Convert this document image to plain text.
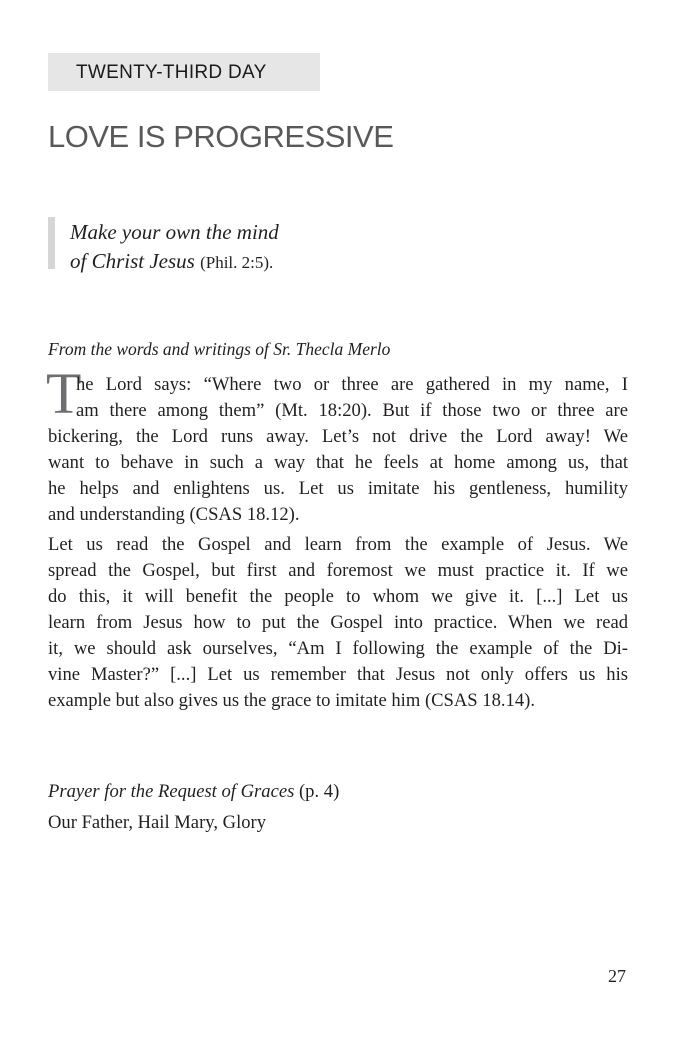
TWENTY-THIRD DAY
LOVE IS PROGRESSIVE
Make your own the mind
of Christ Jesus (Phil. 2:5).
From the words and writings of Sr. Thecla Merlo
T
he Lord says: “Where two or three are gathered in my name, I
am there among them” (Mt. 18:20). But if those two or three are
bickering, the Lord runs away. Let’s not drive the Lord away! We
want to behave in such a way that he feels at home among us, that
he helps and enlightens us. Let us imitate his gentleness, humility
and understanding (CSAS 18.12).
Let us read the Gospel and learn from the example of Jesus. We
spread the Gospel, but first and foremost we must practice it. If we
do this, it will benefit the people to whom we give it. [...] Let us
learn from Jesus how to put the Gospel into practice. When we read
it, we should ask ourselves, “Am I following the example of the Di-
vine Master?” [...] Let us remember that Jesus not only offers us his
example but also gives us the grace to imitate him (CSAS 18.14).
Prayer for the Request of Graces (p. 4)
Our Father, Hail Mary, Glory
27
